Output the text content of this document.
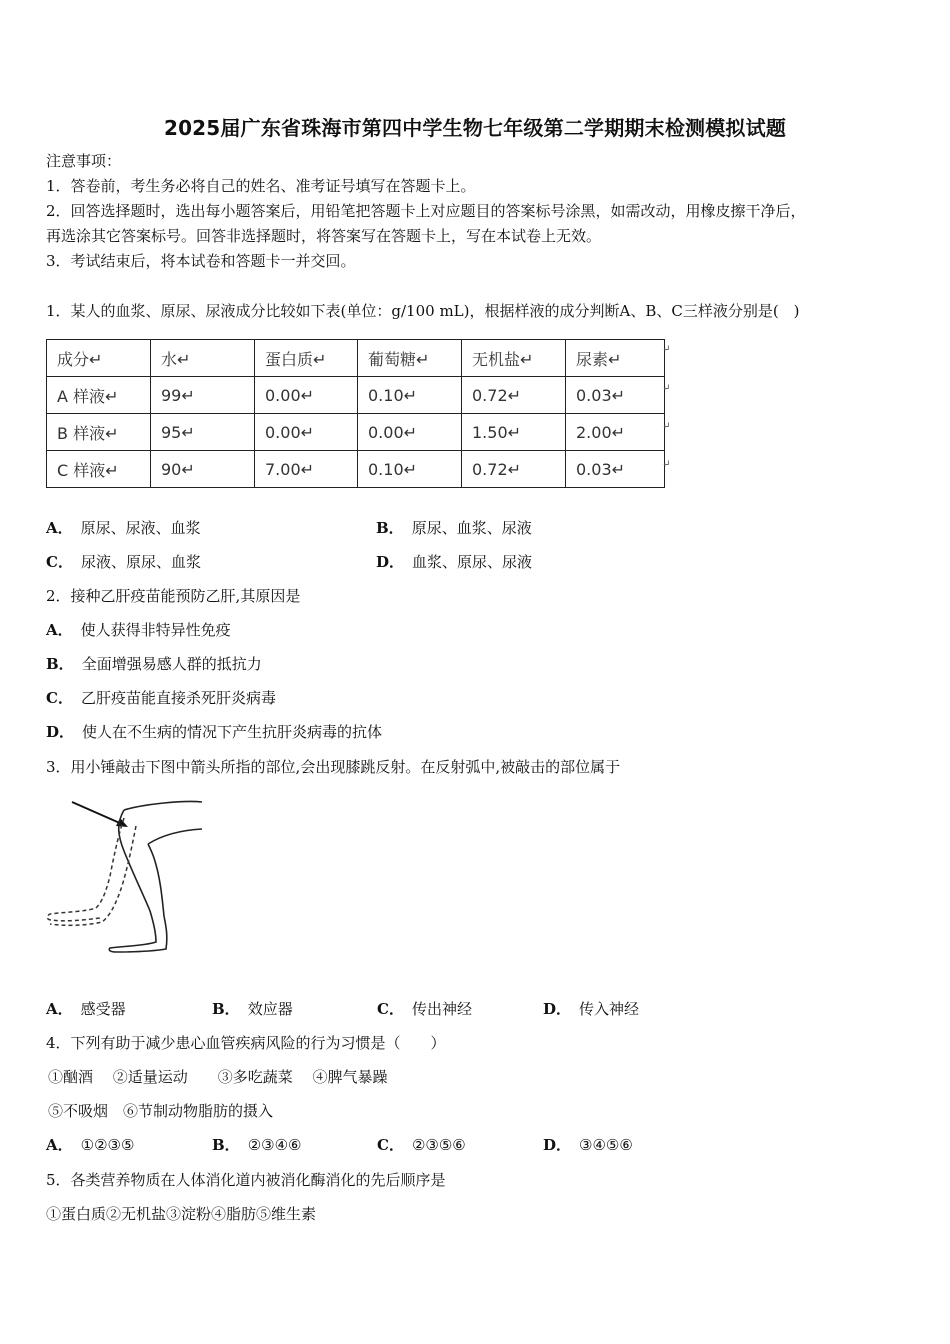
2025届广东省珠海市第四中学生物七年级第二学期期末检测模拟试题
注意事项：
1．答卷前，考生务必将自己的姓名、准考证号填写在答题卡上。
2．回答选择题时，选出每小题答案后，用铅笔把答题卡上对应题目的答案标号涂黑，如需改动，用橡皮擦干净后，
再选涂其它答案标号。回答非选择题时，将答案写在答题卡上，写在本试卷上无效。
3．考试结束后，将本试卷和答题卡一并交回。
1．某人的血浆、原尿、尿液成分比较如下表(单位：g/100 mL)，根据样液的成分判断A、B、C三样液分别是(　)
成分↵	水↵	蛋白质↵	葡萄糖↵	无机盐↵	尿素↵
A 样液↵	99↵	0.00↵	0.10↵	0.72↵	0.03↵
B 样液↵	95↵	0.00↵	0.00↵	1.50↵	2.00↵
C 样液↵	90↵	7.00↵	0.10↵	0.72↵	0.03↵
↵
↵
↵
↵
A． 原尿、尿液、血浆	B． 原尿、血浆、尿液
C． 尿液、原尿、血浆	D． 血浆、原尿、尿液
2．接种乙肝疫苗能预防乙肝,其原因是
A． 使人获得非特异性免疫
B． 全面增强易感人群的抵抗力
C． 乙肝疫苗能直接杀死肝炎病毒
D． 使人在不生病的情况下产生抗肝炎病毒的抗体
3．用小锤敲击下图中箭头所指的部位,会出现膝跳反射。在反射弧中,被敲击的部位属于
A． 感受器	B． 效应器	C． 传出神经	D． 传入神经
4．下列有助于减少患心血管疾病风险的行为习惯是（　　）
①酗酒　 ②适量运动　　③多吃蔬菜　 ④脾气暴躁
⑤不吸烟　⑥节制动物脂肪的摄入
A． ①②③⑤	B． ②③④⑥	C． ②③⑤⑥	D． ③④⑤⑥
5．各类营养物质在人体消化道内被消化酶消化的先后顺序是
①蛋白质②无机盐③淀粉④脂肪⑤维生素
